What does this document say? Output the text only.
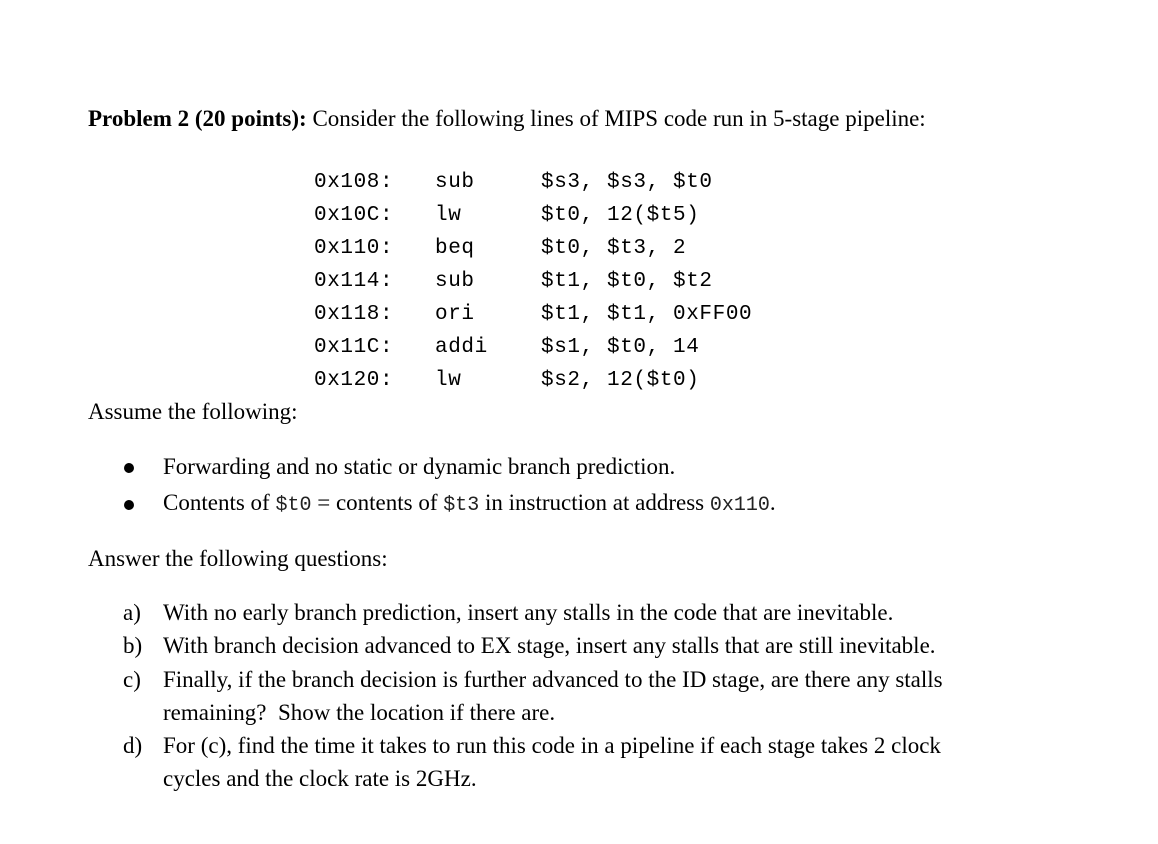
Problem 2 (20 points): Consider the following lines of MIPS code run in 5-stage pipeline:
0x108: sub	$s3, $s3, $t0
0x10C: lw	$t0, 12($t5)
0x110: beq	$t0, $t3, 2
0x114: sub	$t1, $t0, $t2
0x118: ori	$t1, $t1, 0xFF00
0x11C: addi	$s1, $t0, 14
0x120: lw	$s2, 12($t0)
Assume the following:
Forwarding and no static or dynamic branch prediction.
Contents of $t0 = contents of $t3 in instruction at address 0x110.
Answer the following questions:
a) With no early branch prediction, insert any stalls in the code that are inevitable.
b) With branch decision advanced to EX stage, insert any stalls that are still inevitable.
c) Finally, if the branch decision is further advanced to the ID stage, are there any stalls
remaining?  Show the location if there are.
d) For (c), find the time it takes to run this code in a pipeline if each stage takes 2 clock
cycles and the clock rate is 2GHz.
